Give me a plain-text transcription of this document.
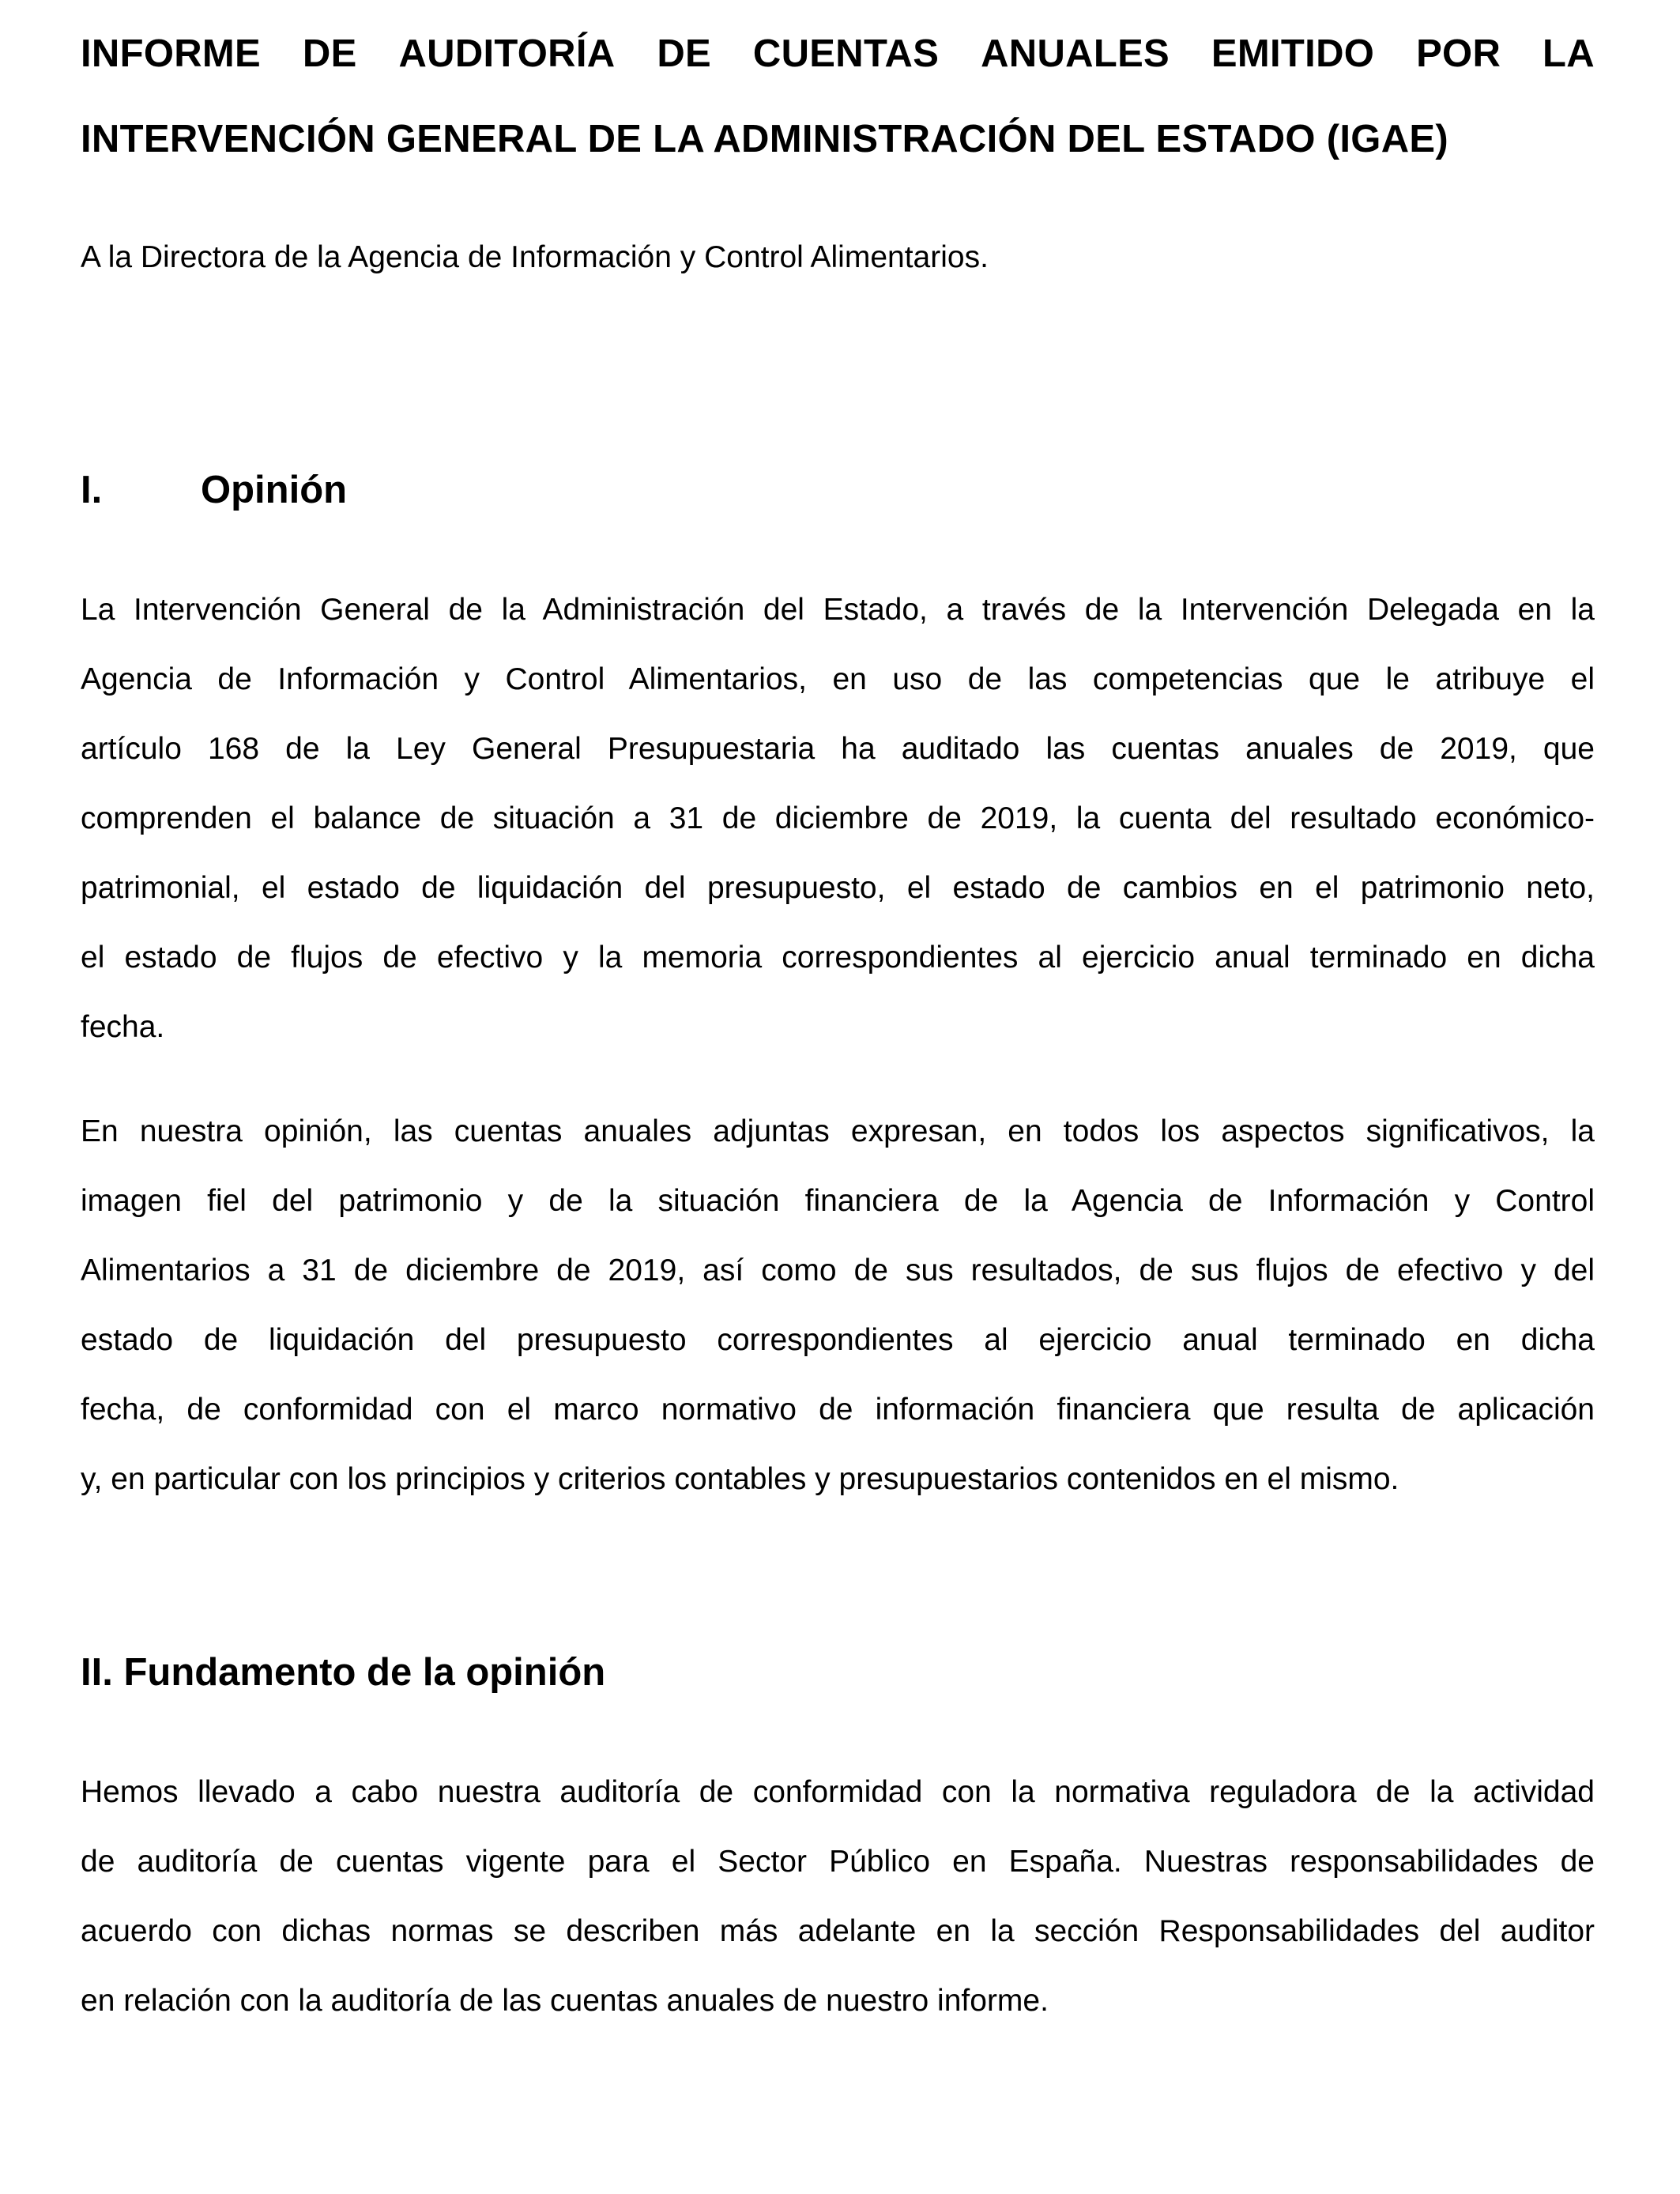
INFORME DE AUDITORÍA DE CUENTAS ANUALES EMITIDO POR LA
INTERVENCIÓN GENERAL DE LA ADMINISTRACIÓN DEL ESTADO (IGAE)
A la Directora de la Agencia de Información y Control Alimentarios.
I.	Opinión

La Intervención General de la Administración del Estado, a través de la Intervención Delegada en la
Agencia de Información y Control Alimentarios, en uso de las competencias que le atribuye el
artículo 168 de la Ley General Presupuestaria ha auditado las cuentas anuales de 2019, que
comprenden el balance de situación a 31 de diciembre de 2019, la cuenta del resultado económico-
patrimonial, el estado de liquidación del presupuesto, el estado de cambios en el patrimonio neto,
el estado de flujos de efectivo y la memoria correspondientes al ejercicio anual terminado en dicha
fecha.

En nuestra opinión, las cuentas anuales adjuntas expresan, en todos los aspectos significativos, la
imagen fiel del patrimonio y de la situación financiera de la Agencia de Información y Control
Alimentarios a 31 de diciembre de 2019, así como de sus resultados, de sus flujos de efectivo y del
estado de liquidación del presupuesto correspondientes al ejercicio anual terminado en dicha
fecha, de conformidad con el marco normativo de información financiera que resulta de aplicación
y, en particular con los principios y criterios contables y presupuestarios contenidos en el mismo.

II. Fundamento de la opinión

Hemos llevado a cabo nuestra auditoría de conformidad con la normativa reguladora de la actividad
de auditoría de cuentas vigente para el Sector Público en España. Nuestras responsabilidades de
acuerdo con dichas normas se describen más adelante en la sección Responsabilidades del auditor
en relación con la auditoría de las cuentas anuales de nuestro informe.
